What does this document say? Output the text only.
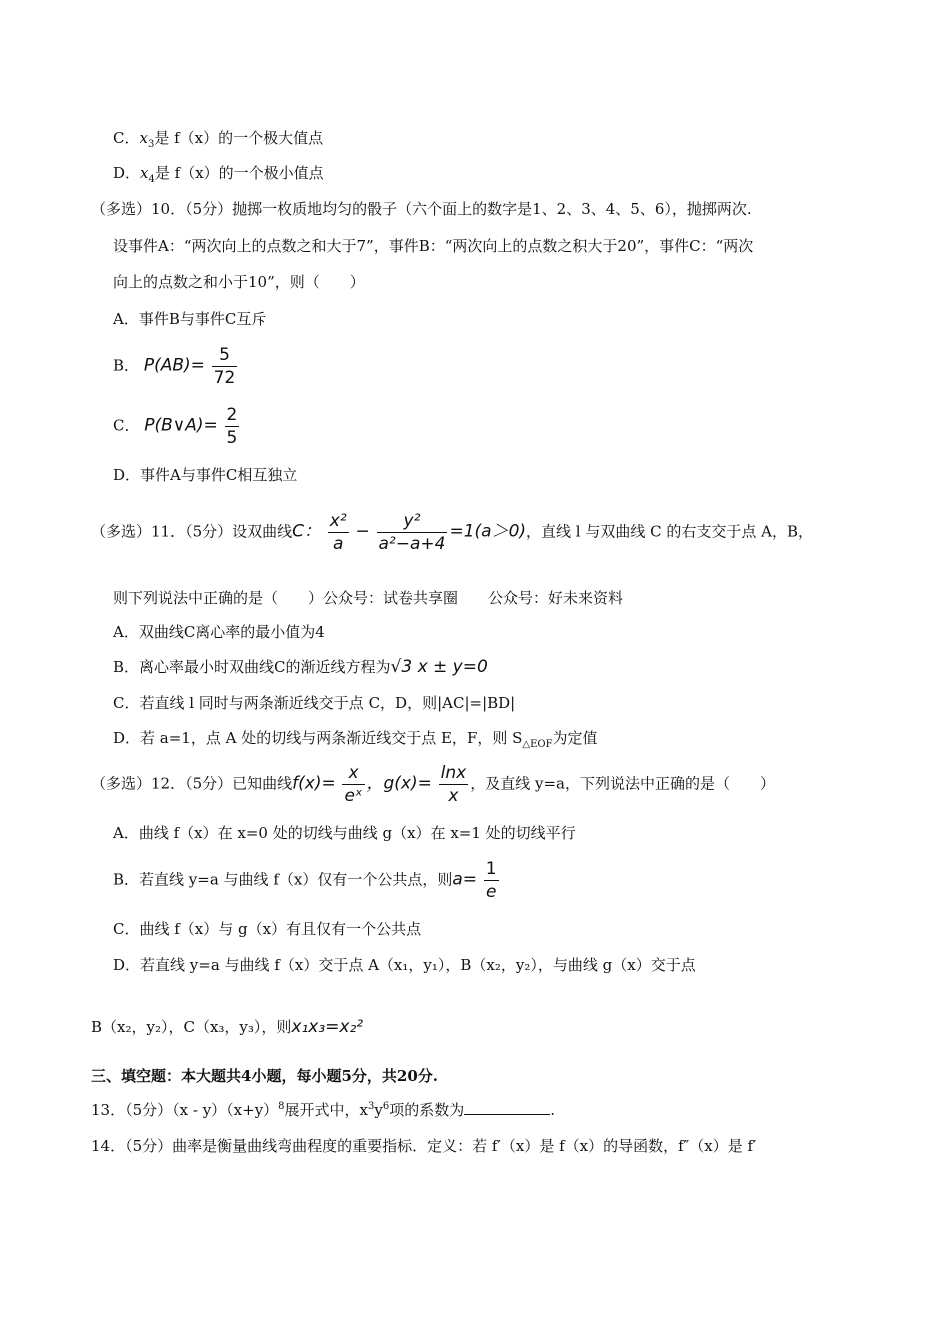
C．$x_3$是 f（x）的一个极大值点
D．$x_4$是 f（x）的一个极小值点
（多选）10．（5分）抛掷一枚质地均匀的骰子（六个面上的数字是1、2、3、4、5、6），抛掷两次.
设事件A：“两次向上的点数之和大于7”，事件B：“两次向上的点数之积大于20”，事件C：“两次
向上的点数之和小于10”，则（　　）
A．事件B与事件C互斥
B． $P(AB)= \frac{5}{72}$
C． P(B∨A)= $\frac{2}{5}$
D．事件A与事件C相互独立
（多选）11．（5分）设双曲线C： $\frac{\text{x²}}{a} - \frac{\text{y²}}{\text{a²−a+4}} =1(a>0)$，直线 l 与双曲线 C 的右支交于点 A，B，
则下列说法中正确的是（　　）公众号：试卷共享圈　　公众号：好未来资料
A．双曲线C离心率的最小值为4
B．离心率最小时双曲线C的渐近线方程为√3 x ± y=0
C．若直线 l 同时与两条渐近线交于点 C，D，则|AC|=|BD|
D．若 a=1，点 A 处的切线与两条渐近线交于点 E，F，则 $S_{\triangle EOF}$为定值
（多选）12．（5分）已知曲线$f(x)= \frac{x}{\text{eˣ}}$ ，$g(x)= \frac{\ln x}{x}$ ，及直线 y=a，下列说法中正确的是（　　）
A．曲线 f（x）在 x=0 处的切线与曲线 g（x）在 x=1 处的切线平行
B．若直线 y=a 与曲线 f（x）仅有一个公共点，则$a= \frac{1}{e}$
C．曲线 f（x）与 g（x）有且仅有一个公共点
D．若直线 y=a 与曲线 f（x）交于点 A（x₁，y₁），B（x₂，y₂），与曲线 g（x）交于点
B（x₂，y₂），C（x₃，y₃），则x₁x₃=x₂²
三、填空题：本大题共4小题，每小题5分，共20分.
13．（5分）$(x - y)(x+y)^8$展开式中，$x^3y^6$项的系数为	.
14．（5分）曲率是衡量曲线弯曲程度的重要指标．定义：若 f′（x）是 f（x）的导函数，f″（x）是 f′
